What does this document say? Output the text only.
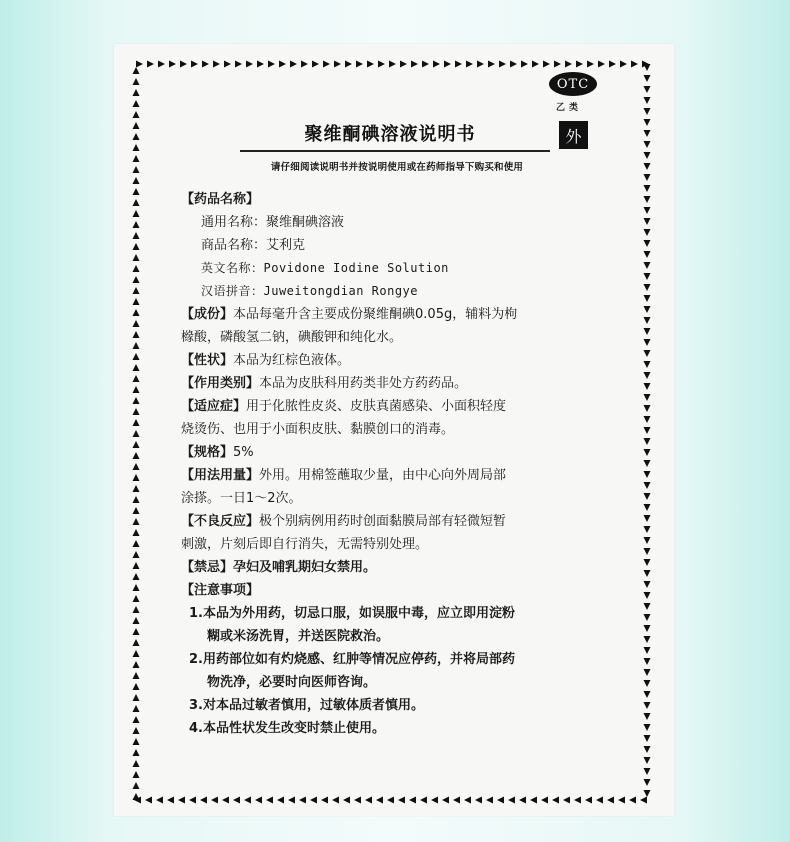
OTC
乙类
外
聚维酮碘溶液说明书
请仔细阅读说明书并按说明使用或在药师指导下购买和使用
【药品名称】
通用名称：聚维酮碘溶液
商品名称：艾利克
英文名称：Povidone Iodine Solution
汉语拼音：Juweitongdian Rongye
【成份】本品每毫升含主要成份聚维酮碘0.05g，辅料为枸
橼酸，磷酸氢二钠，碘酸钾和纯化水。
【性状】本品为红棕色液体。
【作用类别】本品为皮肤科用药类非处方药药品。
【适应症】用于化脓性皮炎、皮肤真菌感染、小面积轻度
烧烫伤、也用于小面积皮肤、黏膜创口的消毒。
【规格】5%
【用法用量】外用。用棉签蘸取少量，由中心向外周局部
涂搽。一日1～2次。
【不良反应】极个别病例用药时创面黏膜局部有轻微短暂
刺激，片刻后即自行消失，无需特别处理。
【禁忌】孕妇及哺乳期妇女禁用。
【注意事项】
1.本品为外用药，切忌口服，如误服中毒，应立即用淀粉
糊或米汤洗胃，并送医院救治。
2.用药部位如有灼烧感、红肿等情况应停药，并将局部药
物洗净，必要时向医师咨询。
3.对本品过敏者慎用，过敏体质者慎用。
4.本品性状发生改变时禁止使用。
